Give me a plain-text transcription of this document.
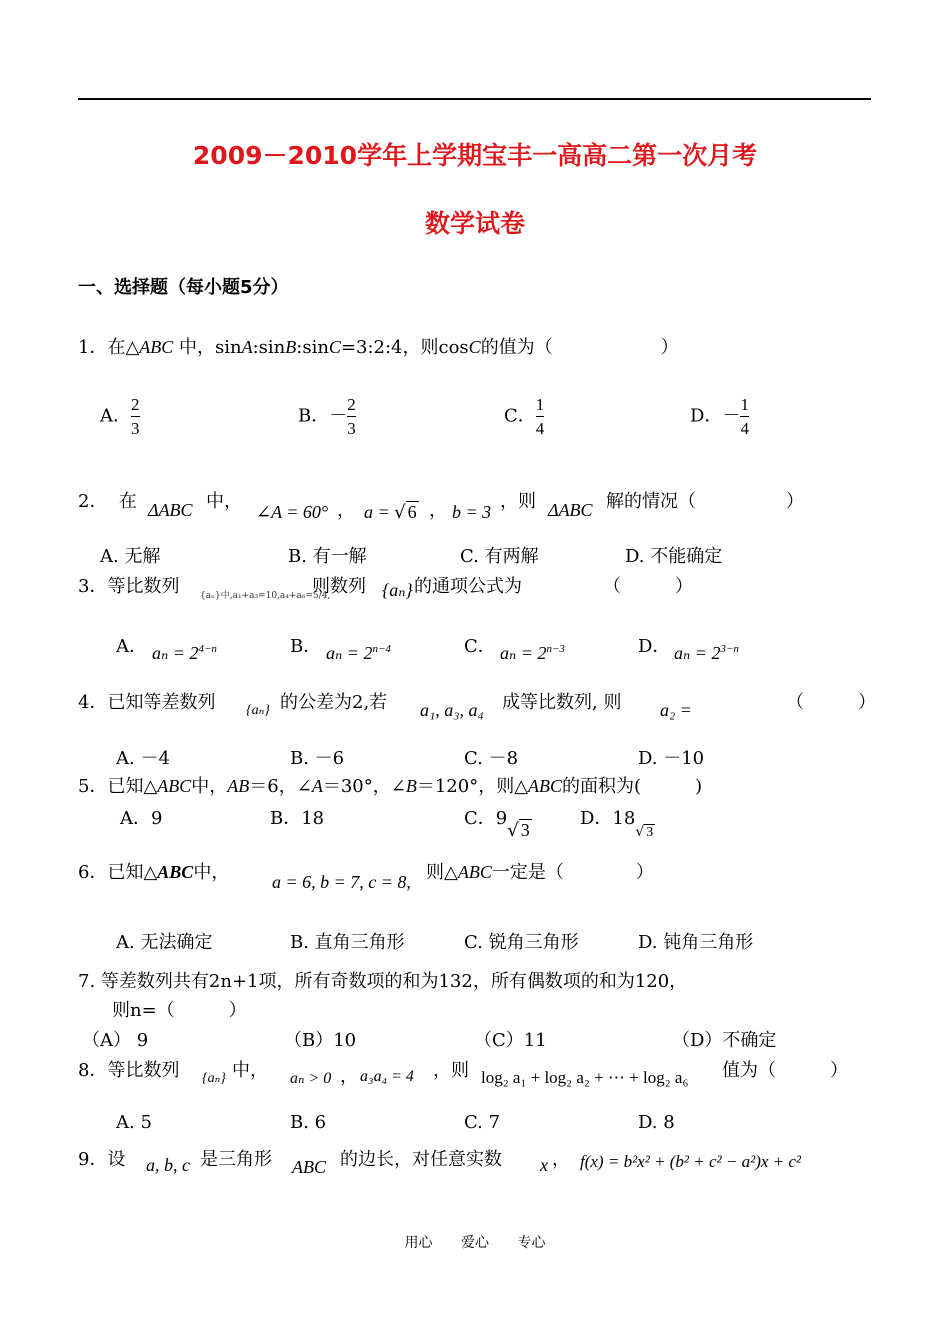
2009－2010学年上学期宝丰一高高二第一次月考
数学试卷
一、选择题（每小题5分）
1．在△ABC 中，sinA:sinB:sinC=3:2:4，则cosC的值为（　　　　　　）
A． $\frac{2}{3}$	B．－ $\frac{2}{3}$	C． $\frac{1}{4}$	D．－ $\frac{1}{4}$
2． 在 ΔABC 中， ∠A = 60° ， a = √ 6 ， b = 3 ，则 ΔABC 解的情况（　　　　　）
A. 无解	B. 有一解	C. 有两解	D. 不能确定
3．等比数列 {aₙ}中,a₁+a₃=10,a₄+a₆=5/4,
则数列 {aₙ} 的通项公式为　　　　　（　　　）
A． $a_n = 2^{4-n}$	B． $a_n = 2^{n-4}$	C． $a_n = 2^{n-3}$	D． $a_n = 2^{3-n}$
4．已知等差数列 {aₙ} 的公差为2,若 a₁, a₃, a₄ 成等比数列, 则 a₂ =	（　　　）
A. －4	B. －6	C. －8	D. －10
5．已知△ABC中，AB＝6，∠A＝30°，∠B＝120°，则△ABC的面积为(　　　)
A．9	B．18	C．9√ 3
D．$18_{√ 3}$
6．已知△ABC中， a = 6, b = 7, c = 8, 则△ABC一定是（　　　　）
A. 无法确定	B. 直角三角形	C. 锐角三角形	D. 钝角三角形
7. 等差数列共有2n+1项，所有奇数项的和为132，所有偶数项的和为120，
则n=（　　　）
（A） 9	（B）10	（C）11	（D）不确定
8．等比数列 {aₙ} 中， aₙ > 0 ， a₃a₄ = 4 ，则 log₂ a₁ + log₂ a₂ + ⋯ + log₂ a₆ 值为（　　　）
A. 5	B. 6	C. 7	D. 8
9．设 a, b, c 是三角形 ABC 的边长，对任意实数 x ， f(x) = b²x² + (b² + c² − a²)x + c²
用心 爱心 专心
